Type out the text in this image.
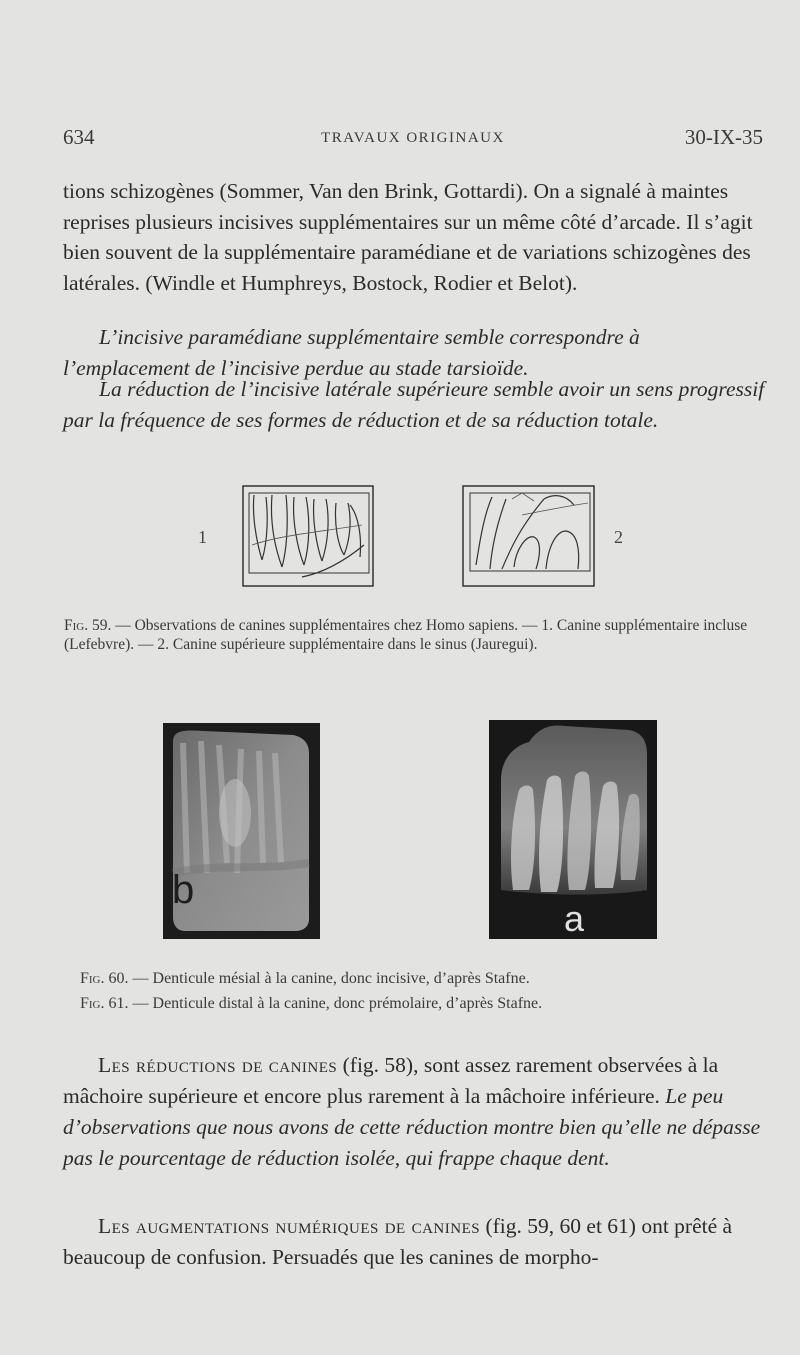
634	TRAVAUX ORIGINAUX	30-IX-35

tions schizogènes (Sommer, Van den Brink, Gottardi). On a signalé à maintes reprises plusieurs incisives supplémentaires sur un même côté d’arcade. Il s’agit bien souvent de la supplémentaire paramédiane et de variations schizogènes des latérales. (Windle et Humphreys, Bostock, Rodier et Belot).

L’incisive paramédiane supplémentaire semble correspondre à l’emplacement de l’incisive perdue au stade tarsioïde.

La réduction de l’incisive latérale supérieure semble avoir un sens progressif par la fréquence de ses formes de réduction et de sa réduction totale.

1	2
Fig. 59. — Observations de canines supplémentaires chez Homo sapiens. — 1. Canine supplémentaire incluse (Lefebvre). — 2. Canine supérieure supplémentaire dans le sinus (Jauregui).
b
a
Fig. 60. — Denticule mésial à la canine, donc incisive, d’après Stafne.
Fig. 61. — Denticule distal à la canine, donc prémolaire, d’après Stafne.

Les réductions de canines (fig. 58), sont assez rarement observées à la mâchoire supérieure et encore plus rarement à la mâchoire inférieure. Le peu d’observations que nous avons de cette réduction montre bien qu’elle ne dépasse pas le pourcentage de réduction isolée, qui frappe chaque dent.

Les augmentations numériques de canines (fig. 59, 60 et 61) ont prêté à beaucoup de confusion. Persuadés que les canines de morpho-
